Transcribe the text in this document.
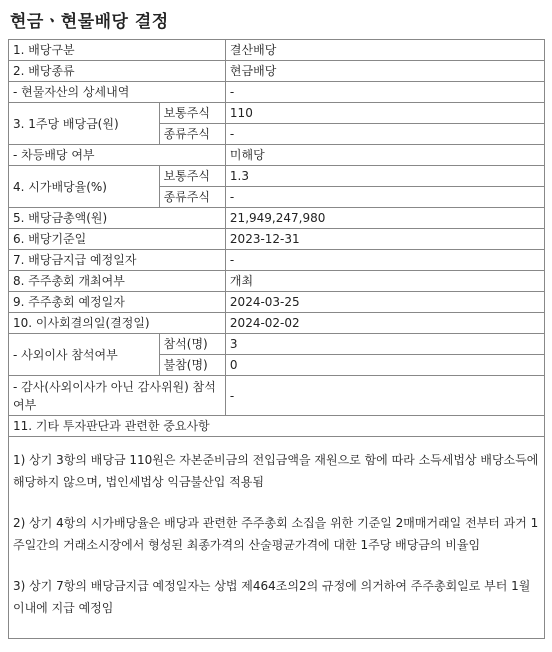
현금ㆍ현물배당 결정
1. 배당구분		결산배당
2. 배당종류		현금배당
- 현물자산의 상세내역		-
3. 1주당 배당금(원)	보통주식	110
	종류주식	-
- 차등배당 여부		미해당
4. 시가배당율(%)	보통주식	1.3
	종류주식	-
5. 배당금총액(원)		21,949,247,980
6. 배당기준일		2023-12-31
7. 배당금지급 예정일자		-
8. 주주총회 개최여부		개최
9. 주주총회 예정일자		2024-03-25
10. 이사회결의일(결정일)		2024-02-02
- 사외이사 참석여부	참석(명)	3
	불참(명)	0
- 감사(사외이사가 아닌 감사위원) 참석여부		-
11. 기타 투자판단과 관련한 중요사항		

1) 상기 3항의 배당금 110원은 자본준비금의 전입금액을 재원으로 함에 따라 소득세법상 배당소득에 해당하지 않으며, 법인세법상 익금불산입 적용됨

2) 상기 4항의 시가배당율은 배당과 관련한 주주총회 소집을 위한 기준일 2매매거래일 전부터 과거 1주일간의 거래소시장에서 형성된 최종가격의 산술평균가격에 대한 1주당 배당금의 비율임

3) 상기 7항의 배당금지급 예정일자는 상법 제464조의2의 규정에 의거하여 주주총회일로 부터 1월 이내에 지급 예정임		
